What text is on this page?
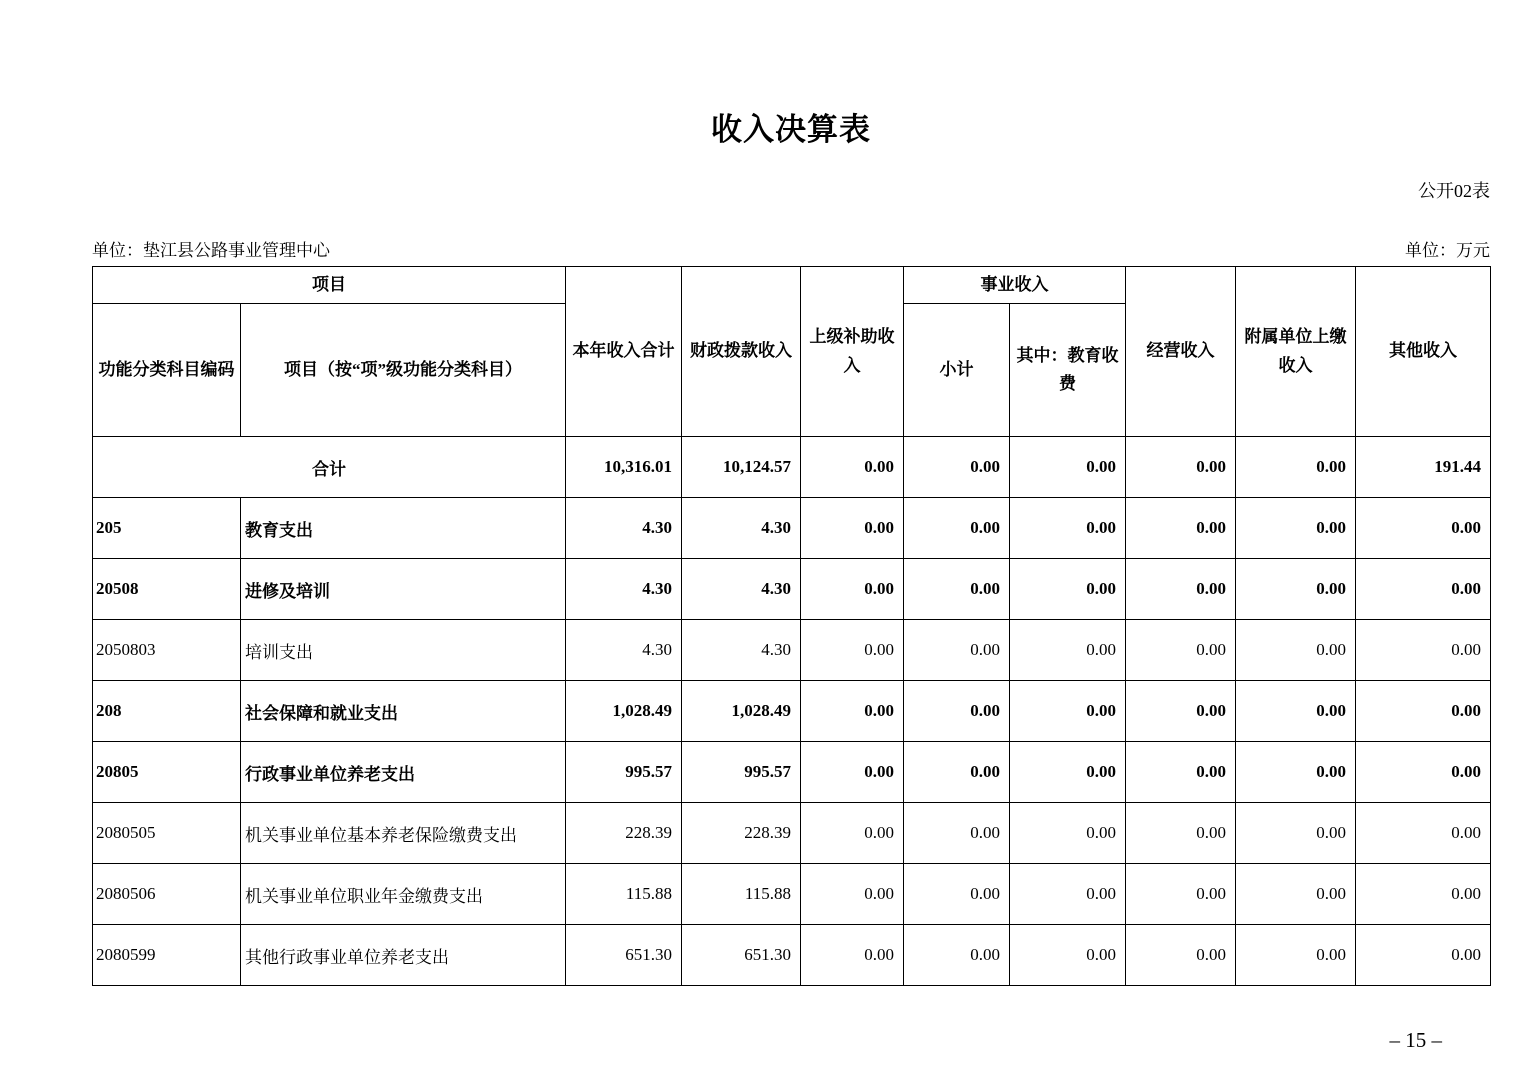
收入决算表
公开02表
单位：垫江县公路事业管理中心	单位：万元
项目		本年收入合计	财政拨款收入	上级补助收入	事业收入		经营收入	附属单位上缴收入	其他收入
功能分类科目编码	项目（按“项”级功能分类科目）				小计	其中：教育收费			
合计		10,316.01	10,124.57	0.00	0.00	0.00	0.00	0.00	191.44
205	教育支出	4.30	4.30	0.00	0.00	0.00	0.00	0.00	0.00
20508	进修及培训	4.30	4.30	0.00	0.00	0.00	0.00	0.00	0.00
2050803	培训支出	4.30	4.30	0.00	0.00	0.00	0.00	0.00	0.00
208	社会保障和就业支出	1,028.49	1,028.49	0.00	0.00	0.00	0.00	0.00	0.00
20805	行政事业单位养老支出	995.57	995.57	0.00	0.00	0.00	0.00	0.00	0.00
2080505	机关事业单位基本养老保险缴费支出	228.39	228.39	0.00	0.00	0.00	0.00	0.00	0.00
2080506	机关事业单位职业年金缴费支出	115.88	115.88	0.00	0.00	0.00	0.00	0.00	0.00
2080599	其他行政事业单位养老支出	651.30	651.30	0.00	0.00	0.00	0.00	0.00	0.00
– 15 –
